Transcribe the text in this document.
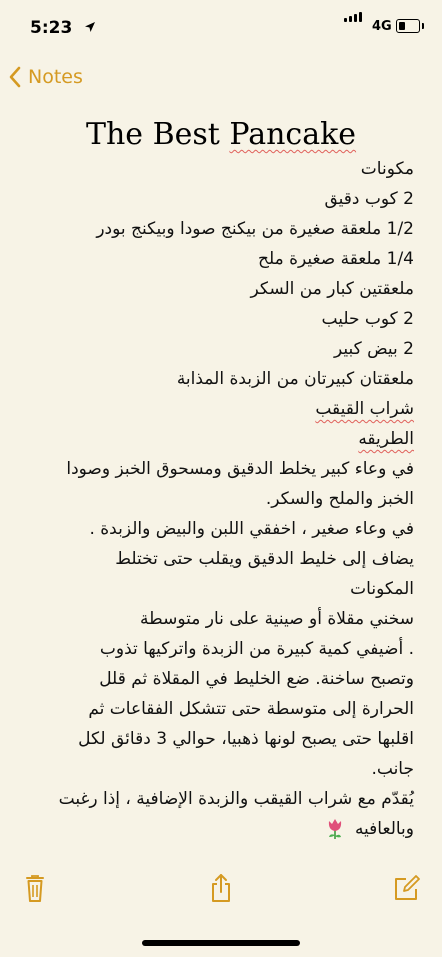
5:23	4G
Notes
The Best Pancake
مكونات
2 كوب دقيق
1/2 ملعقة صغيرة من بيكنج صودا وبيكنج بودر
1/4 ملعقة صغيرة ملح
ملعقتين كبار من السكر
2 كوب حليب
2 بيض كبير
ملعقتان كبيرتان من الزبدة المذابة
شراب القيقب
الطريقه
في وعاء كبير يخلط الدقيق ومسحوق الخبز وصودا
الخبز والملح والسكر.
في وعاء صغير ، اخفقي اللبن والبيض والزبدة .
يضاف إلى خليط الدقيق ويقلب حتى تختلط
المكونات
سخني مقلاة أو صينية على نار متوسطة
. أضيفي كمية كبيرة من الزبدة واتركيها تذوب
وتصبح ساخنة. ضع الخليط في المقلاة ثم قلل
الحرارة إلى متوسطة حتى تتشكل الفقاعات ثم
اقلبها حتى يصبح لونها ذهبيا، حوالي 3 دقائق لكل
جانب.
يُقدّم مع شراب القيقب والزبدة الإضافية ، إذا رغبت
وبالعافيه
